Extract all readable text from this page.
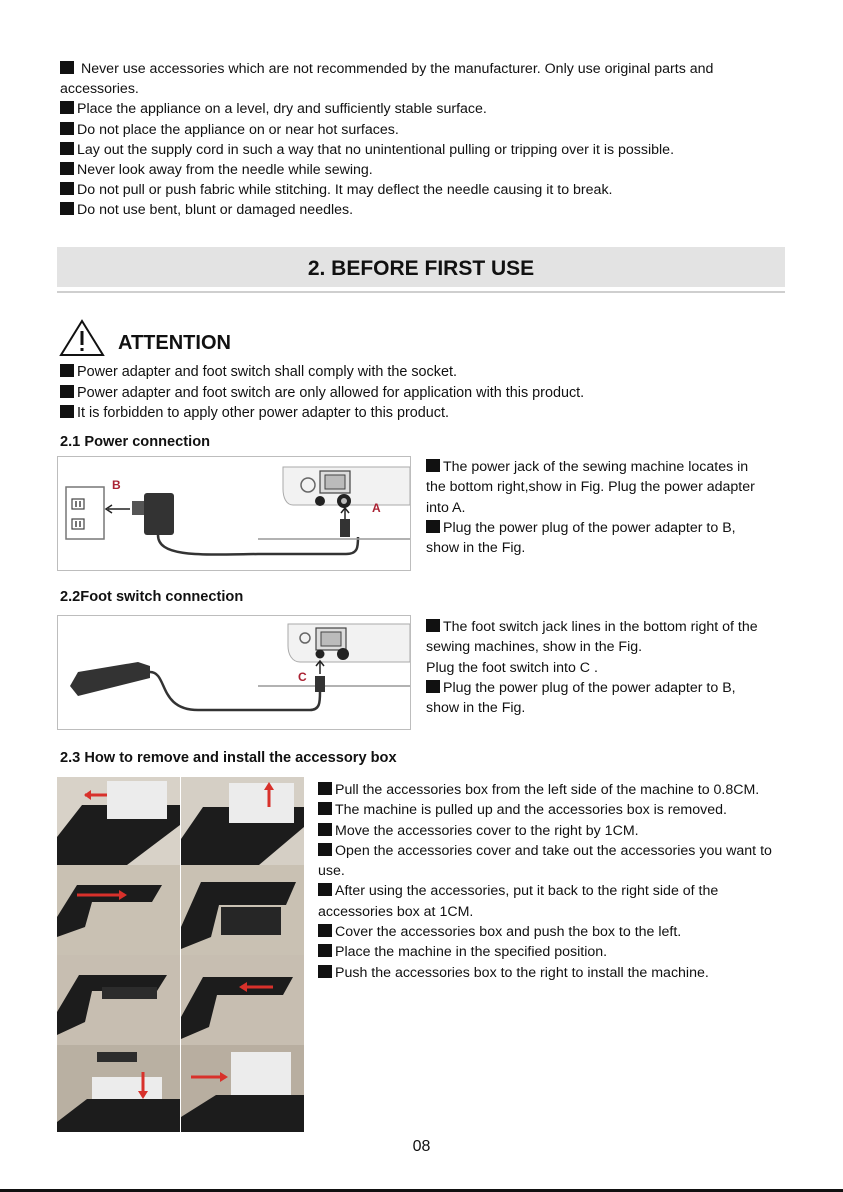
Never use accessories which are not recommended by the manufacturer. Only use original parts and accessories.

Place the appliance on a level, dry and sufficiently stable surface.

Do not place the appliance on or near hot surfaces.

Lay out the supply cord in such a way that no unintentional pulling or tripping over it is possible.

Never look away from the needle while sewing.

Do not pull or push fabric while stitching. It may deflect the needle causing it to break.

Do not use bent, blunt or damaged needles.

2. BEFORE FIRST USE
ATTENTION

Power adapter and foot switch shall comply with the socket.

Power adapter and foot switch are only allowed for application with this product.

It is forbidden to apply other power adapter to this product.

2.1 Power connection
B
A

The power jack of the sewing machine locates in the bottom right,show in Fig. Plug the power adapter into A.

Plug the power plug of the power adapter to B, show in the Fig.

2.2Foot switch connection
C

The foot switch jack lines in the bottom right of the sewing machines, show in the Fig.

Plug the foot switch into C .

Plug the power plug of the power adapter to B, show in the Fig.

2.3 How to remove and install the accessory box

Pull the accessories box from the left side of the machine to 0.8CM.

The machine is pulled up and the accessories box is removed.

Move the accessories cover to the right by 1CM.

Open the accessories cover and take out the accessories you want to use.

After using the accessories, put it back to the right side of the accessories box at 1CM.

Cover the accessories box and push the box to the left.

Place the machine in the specified position.

Push the accessories box to the right to install the machine.

08
